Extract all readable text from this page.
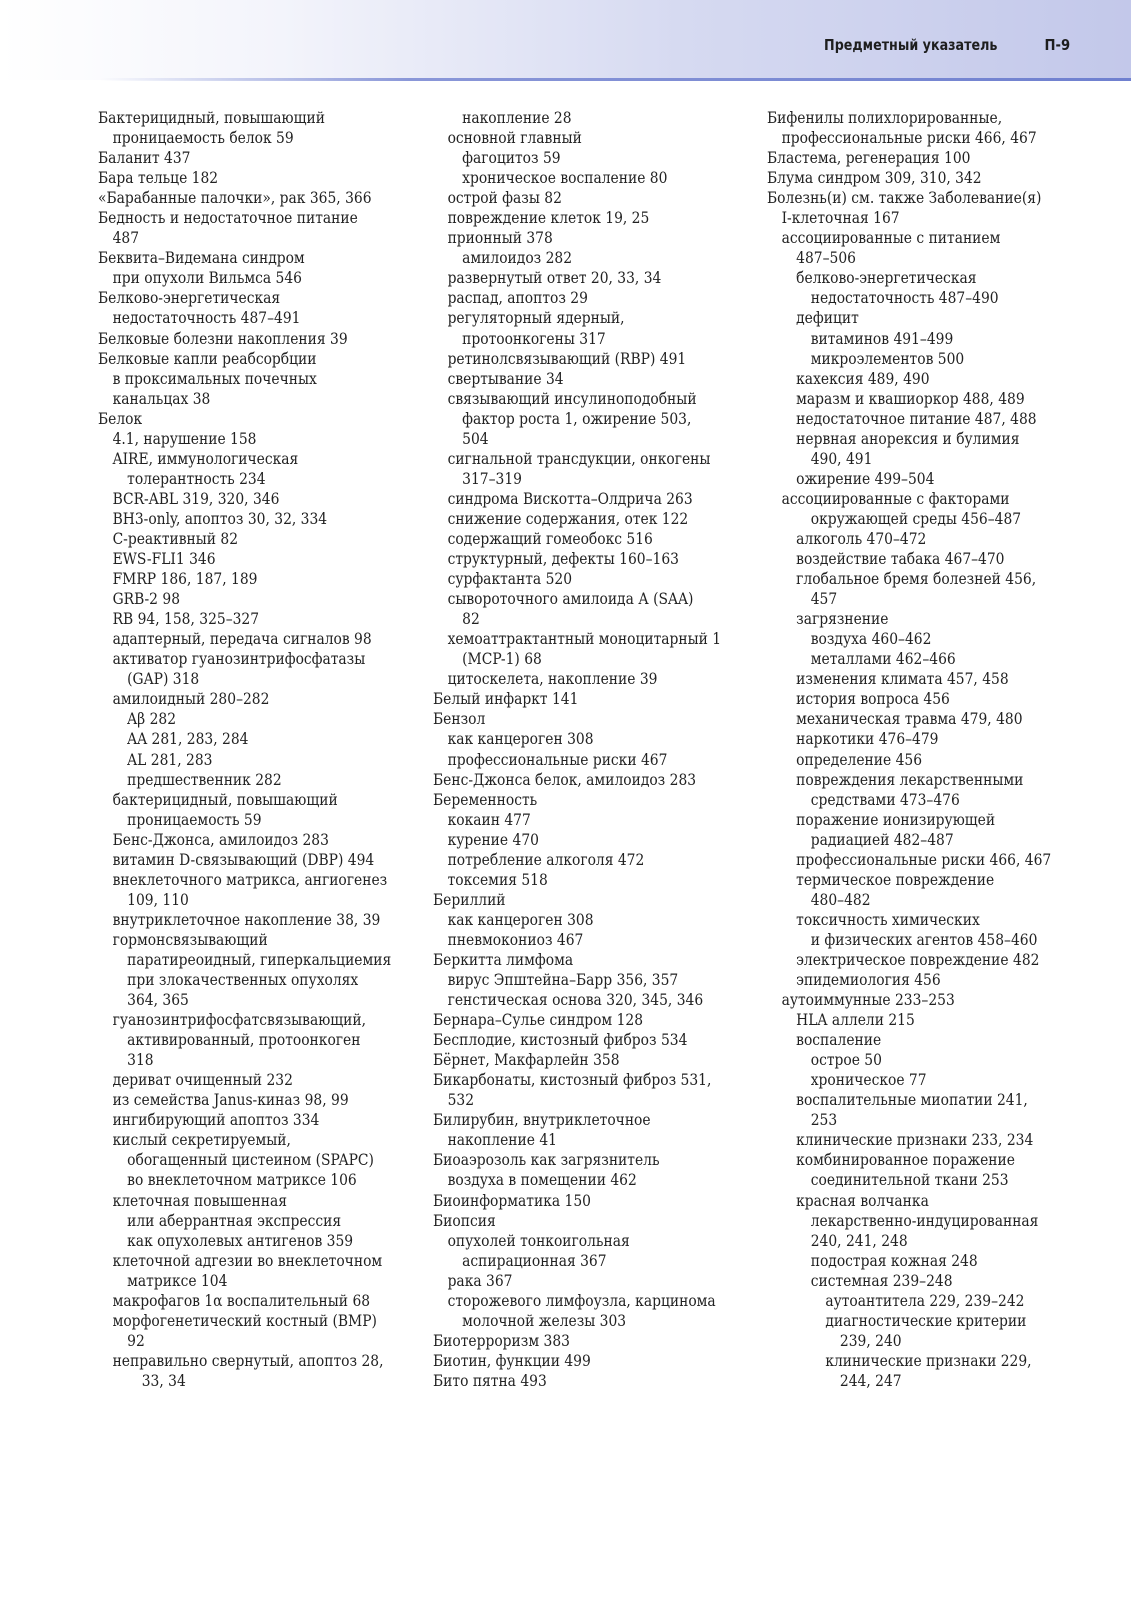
Предметный указатель	П-9
Бактерицидный, повышающий
проницаемость белок 59
Баланит 437
Бара тельце 182
«Барабанные палочки», рак 365, 366
Бедность и недостаточное питание
487
Беквита–Видемана синдром
при опухоли Вильмса 546
Белково-энергетическая
недостаточность 487–491
Белковые болезни накопления 39
Белковые капли реабсорбции
в проксимальных почечных
канальцах 38
Белок
4.1, нарушение 158
AIRE, иммунологическая
толерантность 234
BCR-ABL 319, 320, 346
BH3-only, апоптоз 30, 32, 334
С-реактивный 82
EWS-FLI1 346
FMRP 186, 187, 189
GRB-2 98
RB 94, 158, 325–327
адаптерный, передача сигналов 98
активатор гуанозинтрифосфатазы
(GAP) 318
амилоидный 280–282
Aβ 282
AA 281, 283, 284
AL 281, 283
предшественник 282
бактерицидный, повышающий
проницаемость 59
Бенс-Джонса, амилоидоз 283
витамин D-связывающий (DBP) 494
внеклеточного матрикса, ангиогенез
109, 110
внутриклеточное накопление 38, 39
гормонсвязывающий
паратиреоидный, гиперкальциемия
при злокачественных опухолях
364, 365
гуанозинтрифосфатсвязывающий,
активированный, протоонкоген
318
дериват очищенный 232
из семейства Janus-киназ 98, 99
ингибирующий апоптоз 334
кислый секретируемый,
обогащенный цистеином (SPAPC)
во внеклеточном матриксе 106
клеточная повышенная
или аберрантная экспрессия
как опухолевых антигенов 359
клеточной адгезии во внеклеточном
матриксе 104
макрофагов 1α воспалительный 68
морфогенетический костный (BMP)
92
неправильно свернутый, апоптоз 28,
33, 34
накопление 28
основной главный
фагоцитоз 59
хроническое воспаление 80
острой фазы 82
повреждение клеток 19, 25
прионный 378
амилоидоз 282
развернутый ответ 20, 33, 34
распад, апоптоз 29
регуляторный ядерный,
протоонкогены 317
ретинолсвязывающий (RBP) 491
свертывание 34
связывающий инсулиноподобный
фактор роста 1, ожирение 503,
504
сигнальной трансдукции, онкогены
317–319
синдрома Вискотта–Олдрича 263
снижение содержания, отек 122
содержащий гомеобокс 516
структурный, дефекты 160–163
сурфактанта 520
сывороточного амилоида А (SAA)
82
хемоаттрактантный моноцитарный 1
(MCP-1) 68
цитоскелета, накопление 39
Белый инфаркт 141
Бензол
как канцероген 308
профессиональные риски 467
Бенс-Джонса белок, амилоидоз 283
Беременность
кокаин 477
курение 470
потребление алкоголя 472
токсемия 518
Бериллий
как канцероген 308
пневмокониоз 467
Беркитта лимфома
вирус Эпштейна–Барр 356, 357
генстическая основа 320, 345, 346
Бернара–Сулье синдром 128
Бесплодие, кистозный фиброз 534
Бёрнет, Макфарлейн 358
Бикарбонаты, кистозный фиброз 531,
532
Билирубин, внутриклеточное
накопление 41
Биоаэрозоль как загрязнитель
воздуха в помещении 462
Биоинформатика 150
Биопсия
опухолей тонкоигольная
аспирационная 367
рака 367
сторожевого лимфоузла, карцинома
молочной железы 303
Биотерроризм 383
Биотин, функции 499
Бито пятна 493
Бифенилы полихлорированные,
профессиональные риски 466, 467
Бластема, регенерация 100
Блума синдром 309, 310, 342
Болезнь(и) см. также Заболевание(я)
I-клеточная 167
ассоциированные с питанием
487–506
белково-энергетическая
недостаточность 487–490
дефицит
витаминов 491–499
микроэлементов 500
кахексия 489, 490
маразм и квашиоркор 488, 489
недостаточное питание 487, 488
нервная анорексия и булимия
490, 491
ожирение 499–504
ассоциированные с факторами
окружающей среды 456–487
алкоголь 470–472
воздействие табака 467–470
глобальное бремя болезней 456,
457
загрязнение
воздуха 460–462
металлами 462–466
изменения климата 457, 458
история вопроса 456
механическая травма 479, 480
наркотики 476–479
определение 456
повреждения лекарственными
средствами 473–476
поражение ионизирующей
радиацией 482–487
профессиональные риски 466, 467
термическое повреждение
480–482
токсичность химических
и физических агентов 458–460
электрическое повреждение 482
эпидемиология 456
аутоиммунные 233–253
HLA аллели 215
воспаление
острое 50
хроническое 77
воспалительные миопатии 241,
253
клинические признаки 233, 234
комбинированное поражение
соединительной ткани 253
красная волчанка
лекарственно-индуцированная
240, 241, 248
подострая кожная 248
системная 239–248
аутоантитела 229, 239–242
диагностические критерии
239, 240
клинические признаки 229,
244, 247
